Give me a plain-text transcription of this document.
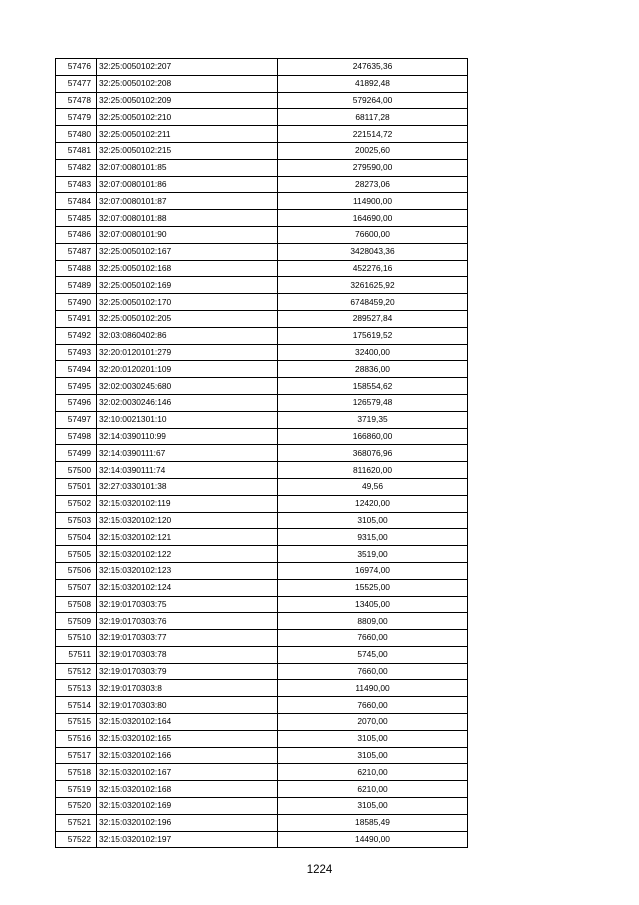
57476	32:25:0050102:207	247635,36
57477	32:25:0050102:208	41892,48
57478	32:25:0050102:209	579264,00
57479	32:25:0050102:210	68117,28
57480	32:25:0050102:211	221514,72
57481	32:25:0050102:215	20025,60
57482	32:07:0080101:85	279590,00
57483	32:07:0080101:86	28273,06
57484	32:07:0080101:87	114900,00
57485	32:07:0080101:88	164690,00
57486	32:07:0080101:90	76600,00
57487	32:25:0050102:167	3428043,36
57488	32:25:0050102:168	452276,16
57489	32:25:0050102:169	3261625,92
57490	32:25:0050102:170	6748459,20
57491	32:25:0050102:205	289527,84
57492	32:03:0860402:86	175619,52
57493	32:20:0120101:279	32400,00
57494	32:20:0120201:109	28836,00
57495	32:02:0030245:680	158554,62
57496	32:02:0030246:146	126579,48
57497	32:10:0021301:10	3719,35
57498	32:14:0390110:99	166860,00
57499	32:14:0390111:67	368076,96
57500	32:14:0390111:74	811620,00
57501	32:27:0330101:38	49,56
57502	32:15:0320102:119	12420,00
57503	32:15:0320102:120	3105,00
57504	32:15:0320102:121	9315,00
57505	32:15:0320102:122	3519,00
57506	32:15:0320102:123	16974,00
57507	32:15:0320102:124	15525,00
57508	32:19:0170303:75	13405,00
57509	32:19:0170303:76	8809,00
57510	32:19:0170303:77	7660,00
57511	32:19:0170303:78	5745,00
57512	32:19:0170303:79	7660,00
57513	32:19:0170303:8	11490,00
57514	32:19:0170303:80	7660,00
57515	32:15:0320102:164	2070,00
57516	32:15:0320102:165	3105,00
57517	32:15:0320102:166	3105,00
57518	32:15:0320102:167	6210,00
57519	32:15:0320102:168	6210,00
57520	32:15:0320102:169	3105,00
57521	32:15:0320102:196	18585,49
57522	32:15:0320102:197	14490,00
1224
